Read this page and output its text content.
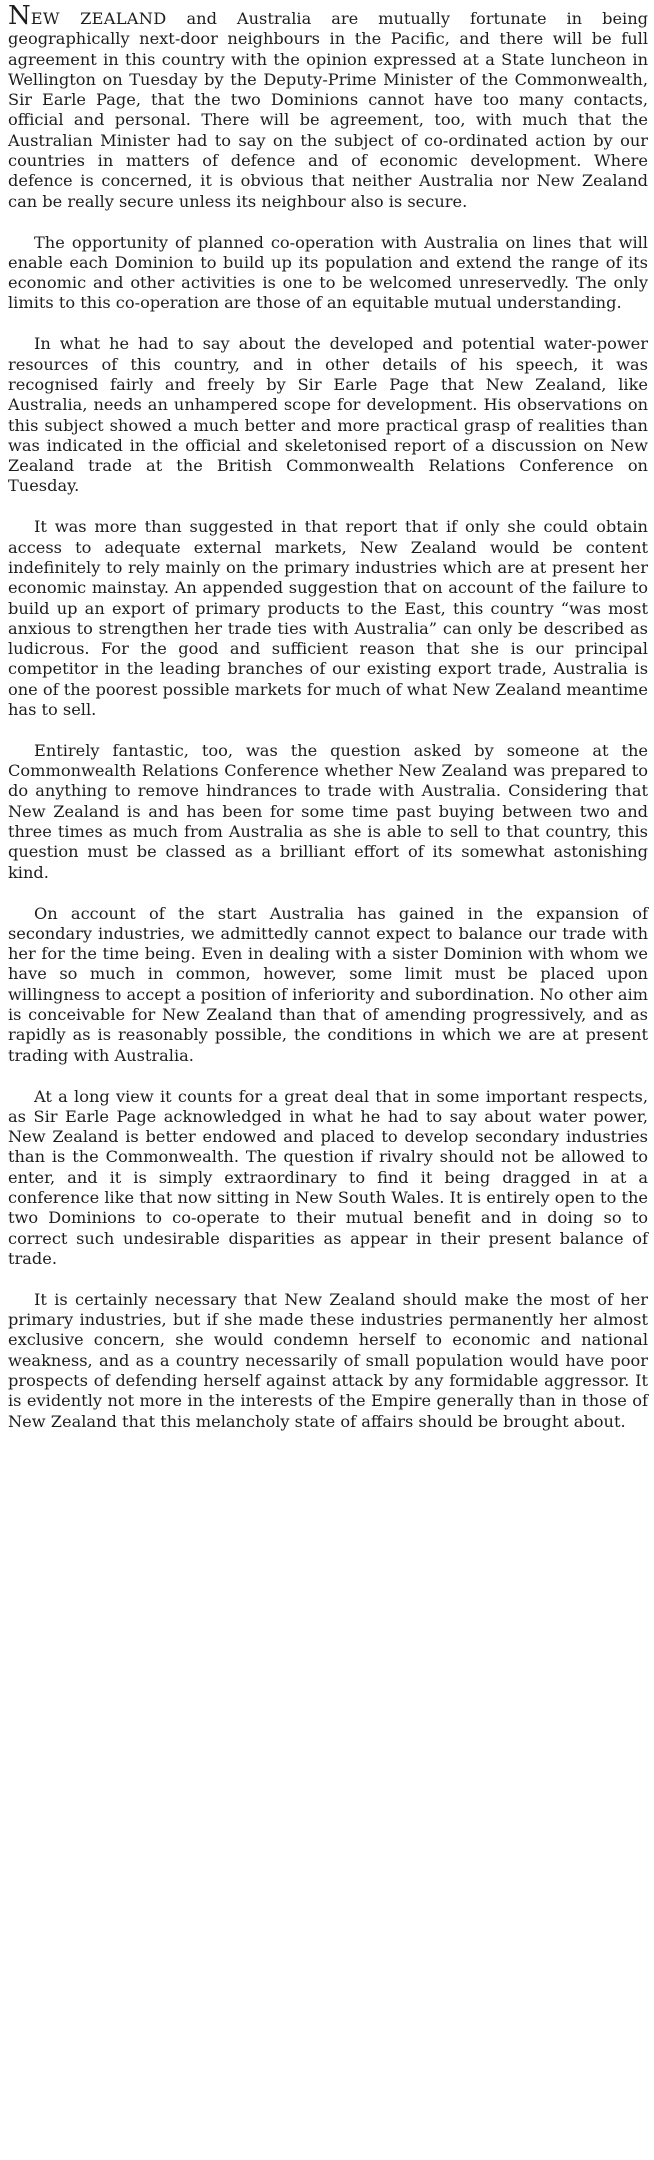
NEW ZEALAND and Australia are mutually fortunate in being geographically next-door neighbours in the Pacific, and there will be full agreement in this country with the opinion expressed at a State luncheon in Wellington on Tuesday by the Deputy-Prime Minister of the Commonwealth, Sir Earle Page, that the two Dominions cannot have too many contacts, official and personal. There will be agreement, too, with much that the Australian Minister had to say on the subject of co-ordinated action by our countries in matters of defence and of economic development. Where defence is concerned, it is obvious that neither Australia nor New Zealand can be really secure unless its neighbour also is secure.

The opportunity of planned co-operation with Australia on lines that will enable each Dominion to build up its population and extend the range of its economic and other activities is one to be welcomed unreservedly. The only limits to this co-operation are those of an equitable mutual understanding.

In what he had to say about the developed and potential water-power resources of this country, and in other details of his speech, it was recognised fairly and freely by Sir Earle Page that New Zealand, like Australia, needs an unhampered scope for development. His observations on this subject showed a much better and more practical grasp of realities than was indicated in the official and skeletonised report of a discussion on New Zealand trade at the British Commonwealth Relations Conference on Tuesday.

It was more than suggested in that report that if only she could obtain access to adequate external markets, New Zealand would be content indefinitely to rely mainly on the primary industries which are at present her economic mainstay. An appended suggestion that on account of the failure to build up an export of primary products to the East, this country “was most anxious to strengthen her trade ties with Australia” can only be described as ludicrous. For the good and sufficient reason that she is our principal competitor in the leading branches of our existing export trade, Australia is one of the poorest possible markets for much of what New Zealand meantime has to sell.

Entirely fantastic, too, was the question asked by someone at the Commonwealth Relations Conference whether New Zealand was prepared to do anything to remove hindrances to trade with Australia. Considering that New Zealand is and has been for some time past buying between two and three times as much from Australia as she is able to sell to that country, this question must be classed as a brilliant effort of its somewhat astonishing kind.

On account of the start Australia has gained in the expansion of secondary industries, we admittedly cannot expect to balance our trade with her for the time being. Even in dealing with a sister Dominion with whom we have so much in common, however, some limit must be placed upon willingness to accept a position of inferiority and subordination. No other aim is conceivable for New Zealand than that of amending progressively, and as rapidly as is reasonably possible, the conditions in which we are at present trading with Australia.

At a long view it counts for a great deal that in some important respects, as Sir Earle Page acknowledged in what he had to say about water power, New Zealand is better endowed and placed to develop secondary industries than is the Commonwealth. The question if rivalry should not be allowed to enter, and it is simply extraordinary to find it being dragged in at a conference like that now sitting in New South Wales. It is entirely open to the two Dominions to co-operate to their mutual benefit and in doing so to correct such undesirable disparities as appear in their present balance of trade.

It is certainly necessary that New Zealand should make the most of her primary industries, but if she made these industries permanently her almost exclusive concern, she would condemn herself to economic and national weakness, and as a country necessarily of small population would have poor prospects of defending herself against attack by any formidable aggressor. It is evidently not more in the interests of the Empire generally than in those of New Zealand that this melancholy state of affairs should be brought about.
